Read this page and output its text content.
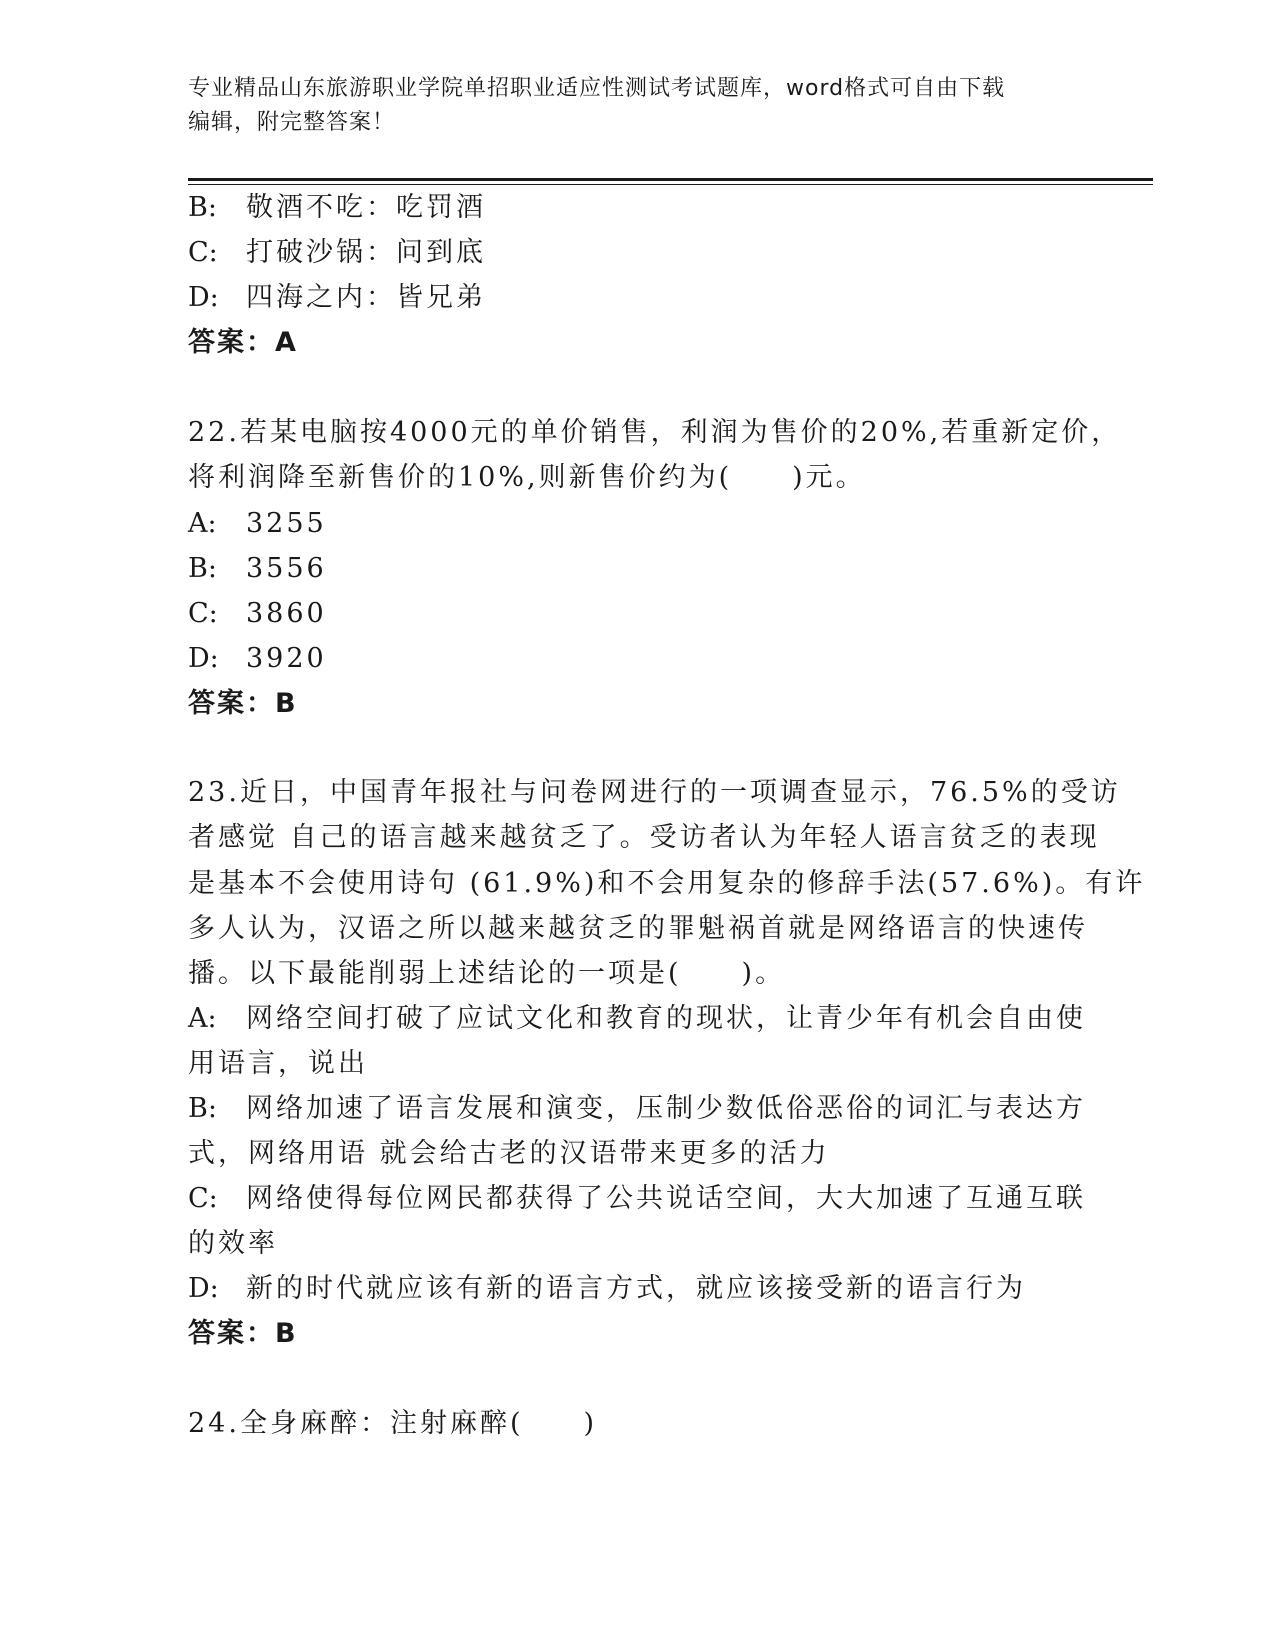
专业精品山东旅游职业学院单招职业适应性测试考试题库，word格式可自由下载
编辑，附完整答案！
B: 敬酒不吃：吃罚酒
C: 打破沙锅：问到底
D: 四海之内：皆兄弟
答案：A
22.若某电脑按4000元的单价销售，利润为售价的20%,若重新定价，
将利润降至新售价的10%,则新售价约为(　　)元。
A: 3255
B: 3556
C: 3860
D: 3920
答案：B
23.近日，中国青年报社与问卷网进行的一项调查显示，76.5%的受访
者感觉 自己的语言越来越贫乏了。受访者认为年轻人语言贫乏的表现
是基本不会使用诗句 (61.9%)和不会用复杂的修辞手法(57.6%)。有许
多人认为，汉语之所以越来越贫乏的罪魁祸首就是网络语言的快速传
播。以下最能削弱上述结论的一项是(　　)。
A: 网络空间打破了应试文化和教育的现状，让青少年有机会自由使
用语言，说出
B: 网络加速了语言发展和演变，压制少数低俗恶俗的词汇与表达方
式，网络用语 就会给古老的汉语带来更多的活力
C: 网络使得每位网民都获得了公共说话空间，大大加速了互通互联
的效率
D: 新的时代就应该有新的语言方式，就应该接受新的语言行为
答案：B
24.全身麻醉：注射麻醉(　　)
